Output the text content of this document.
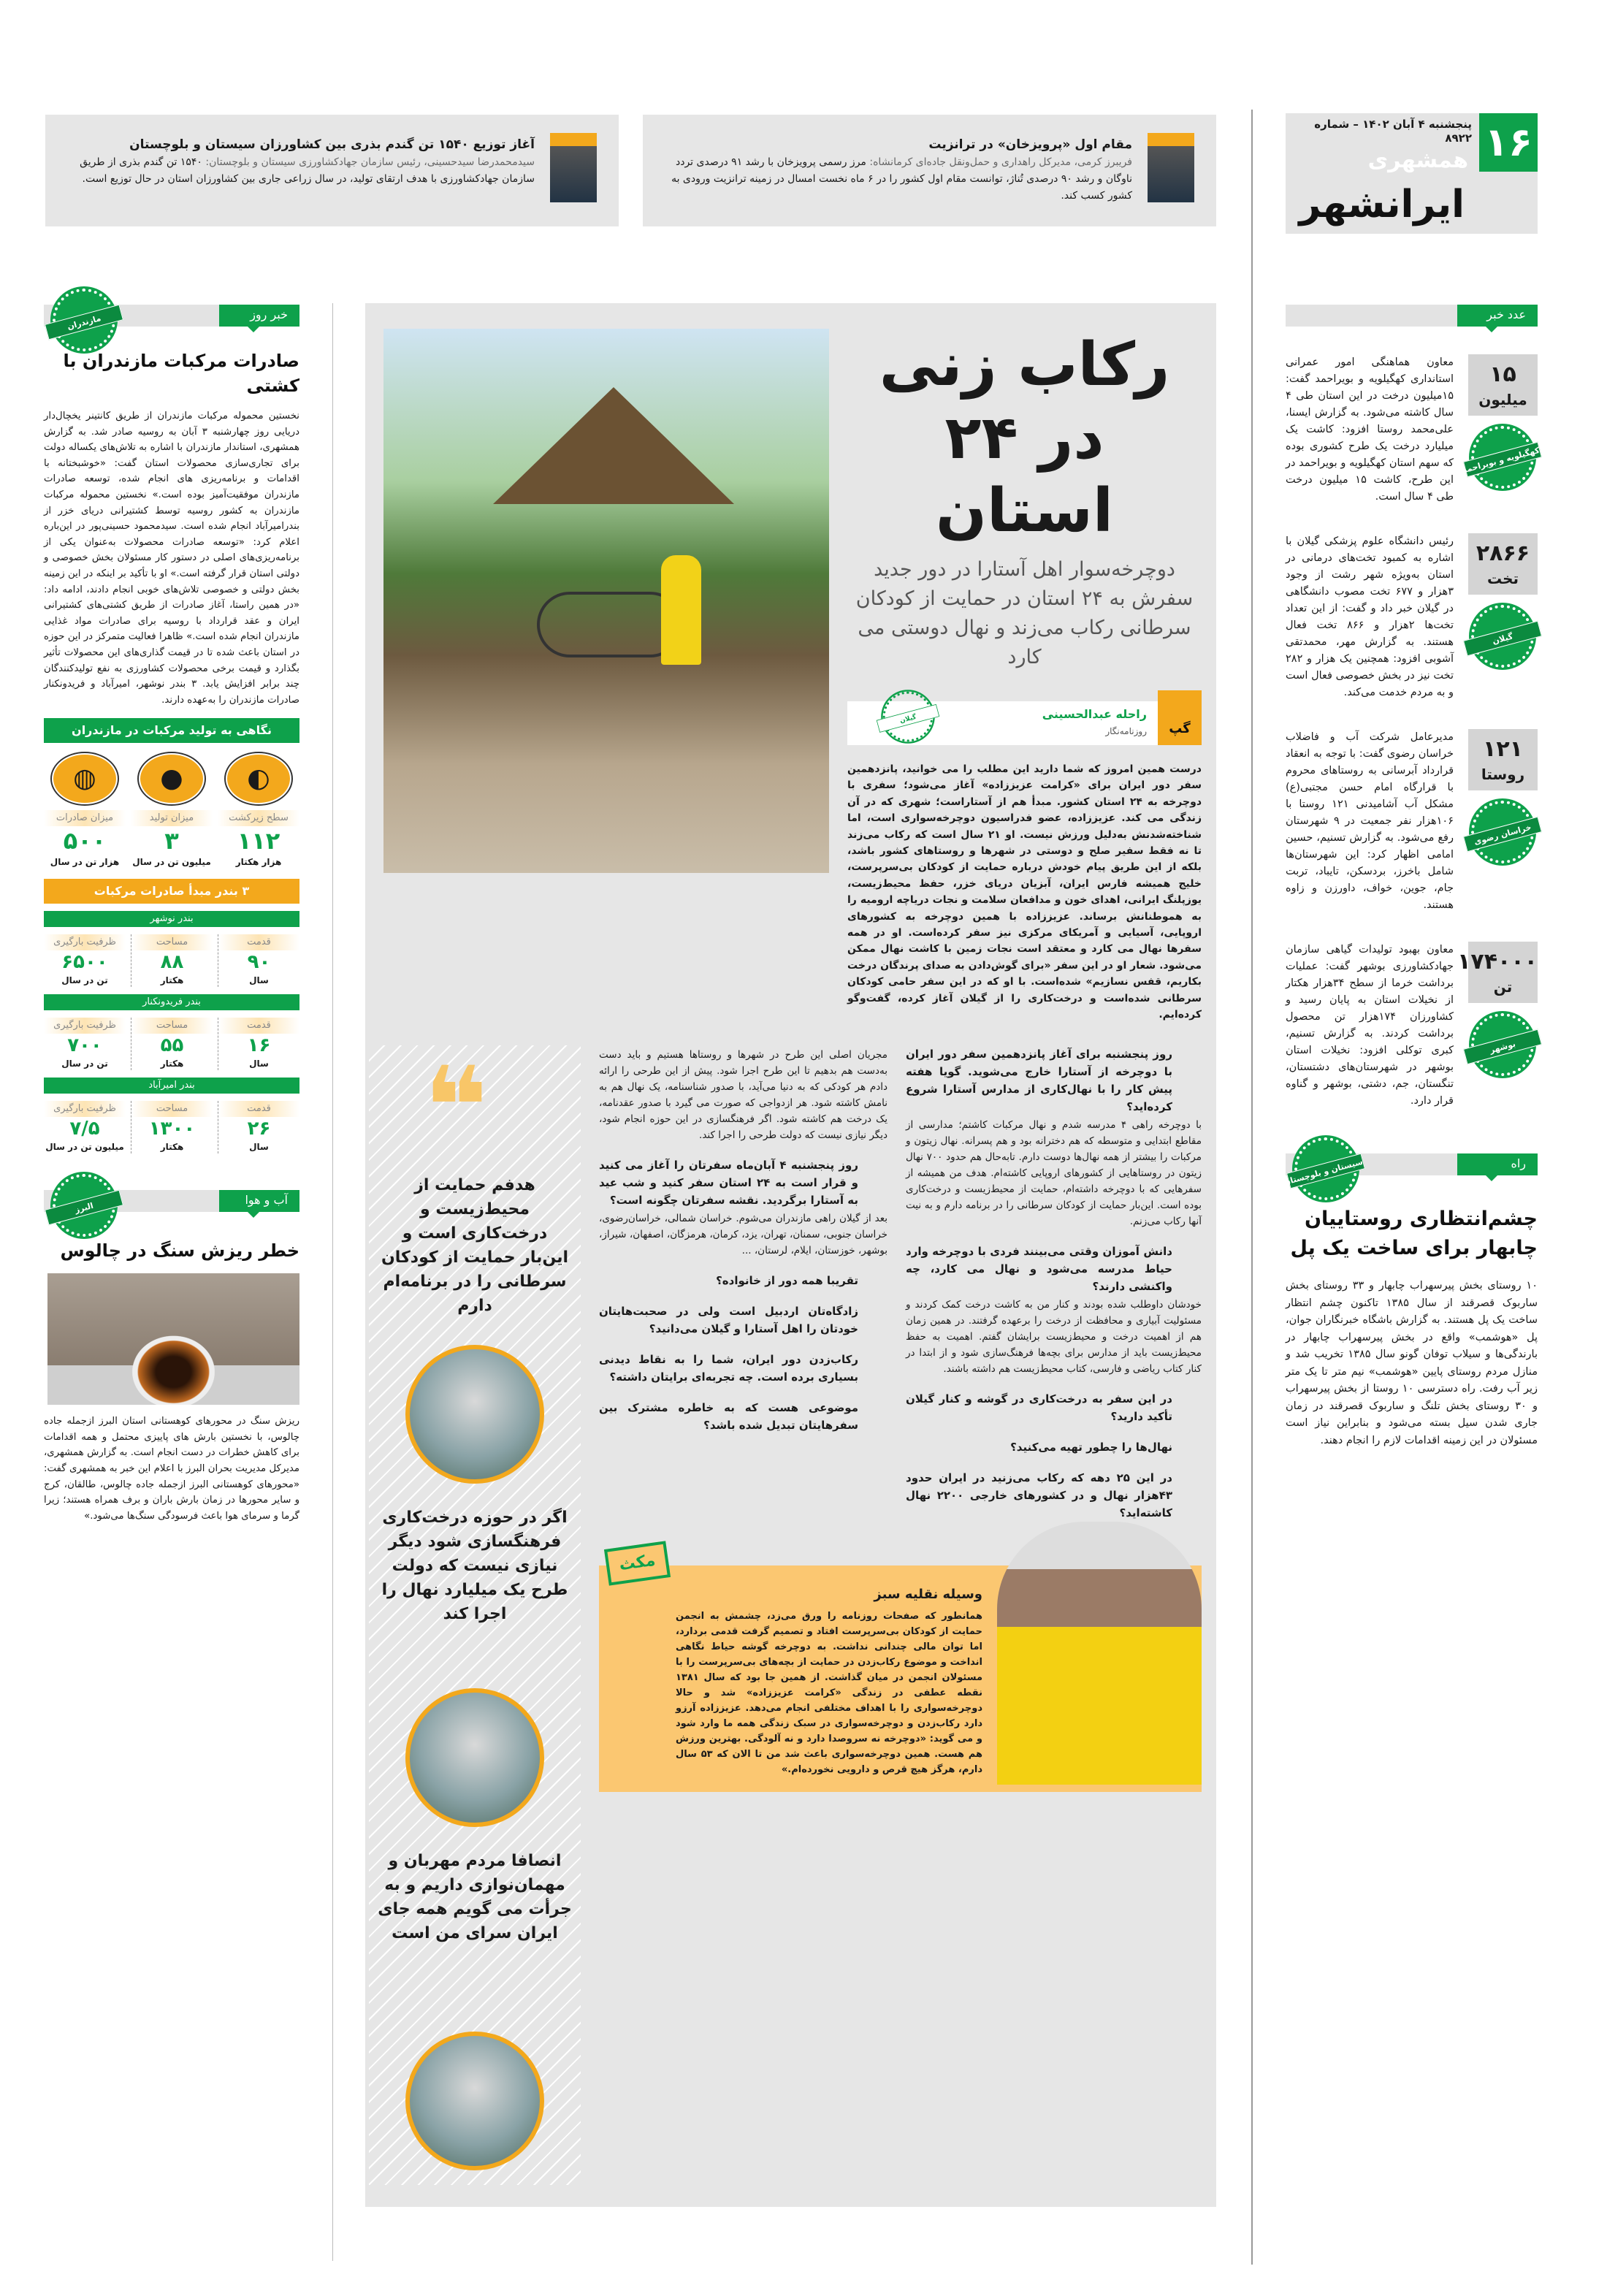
۱۶
پنجشنبه ۴ آبان ۱۴۰۲ – شماره ۸۹۲۲
همشهری
ایرانشهر
مقام اول «پرویزخان» در ترانزیت

فریبرز کرمی، مدیرکل راهداری و حمل‌ونقل جاده‌ای کرمانشاه: مرز رسمی پرویزخان با رشد ۹۱ درصدی تردد ناوگان و رشد ۹۰ درصدی تُناژ، توانست مقام اول کشور را در ۶ ماه نخست امسال در زمینه ترانزیت ورودی به کشور کسب کند.

آغاز توزیع ۱۵۴۰ تن گندم بذری بین کشاورزان سیستان و بلوچستان

سیدمحمدرضا سیدحسینی، رئیس سازمان جهادکشاورزی سیستان و بلوچستان: ۱۵۴۰ تن گندم بذری از طریق سازمان جهادکشاورزی با هدف ارتقای تولید، در سال زراعی جاری بین کشاورزان استان در حال توزیع است.

عدد خبر
۱۵
میلیون
کهگیلویه و بویراحمد

معاون هماهنگی امور عمرانی استانداری کهگیلویه و بویراحمد گفت: ۱۵میلیون درخت در این استان طی ۴ سال کاشته می‌شود. به گزارش ایسنا، علی‌محمد روستا افزود: کاشت یک میلیارد درخت یک طرح کشوری بوده که سهم استان کهگیلویه و بویراحمد در این طرح، کاشت ۱۵ میلیون درخت طی ۴ سال است.

۲۸۶۶
تخت
گیلان

رئیس دانشگاه علوم پزشکی گیلان با اشاره به کمبود تخت‌های درمانی در استان به‌ویژه شهر رشت از وجود ۳هزار و ۶۷۷ تخت مصوب دانشگاهی در گیلان خبر داد و گفت: از این تعداد تخت‌ها ۲هزار و ۸۶۶ تخت فعال هستند. به گزارش مهر، محمدتقی آشوبی افزود: همچنین یک هزار و ۲۸۲ تخت نیز در بخش خصوصی فعال است و به مردم خدمت می‌کند.

۱۲۱
روستا
خراسان رضوی

مدیرعامل شرکت آب و فاضلاب خراسان رضوی گفت: با توجه به انعقاد قرارداد آبرسانی به روستاهای محروم با قرارگاه امام حسن مجتبی(ع) مشکل آب آشامیدنی ۱۲۱ روستا با ۱۰۶هزار نفر جمعیت در ۹ شهرستان رفع می‌شود. به گزارش تسنیم، حسین امامی اظهار کرد: این شهرستان‌ها شامل باخرز، بردسکن، تایباد، تربت جام، جوین، خواف، داورزن و زاوه هستند.

۱۷۴۰۰۰
تن
بوشهر

معاون بهبود تولیدات گیاهی سازمان جهادکشاورزی بوشهر گفت: عملیات برداشت خرما از سطح ۳۴هزار هکتار از نخیلات استان به پایان رسید و کشاورزان ۱۷۴هزار تن محصول برداشت کردند. به گزارش تسنیم، کبری توکلی افزود: نخیلات استان بوشهر در شهرستان‌های دشتستان، تنگستان، جم، دشتی، بوشهر و گناوه قرار دارد.

راه
سیستان و بلوچستان
چشم‌انتظاری روستاییان چابهار برای ساخت یک پل

۱۰ روستای بخش پیرسهراب چابهار و ۳۳ روستای بخش ساربوک قصرقند از سال ۱۳۸۵ تاکنون چشم انتظار ساخت یک پل هستند. به گزارش باشگاه خبرنگاران جوان، پل «هوشمب» واقع در بخش پیرسهراب چابهار در بارندگی‌ها و سیلاب توفان گونو سال ۱۳۸۵ تخریب شد و منازل مردم روستای پایین «هوشمب» نیم متر تا یک متر زیر آب رفت. راه دسترسی ۱۰ روستا از بخش پیرسهراب و ۳۰ روستای بخش تلنگ و ساربوک قصرقند در زمان جاری شدن سیل بسته می‌شود و بنابراین نیاز است مسئولان در این زمینه اقدامات لازم را انجام دهند.

رکاب زنی در ۲۴ استان
دوچرخه‌سوار اهل آستارا در دور جدید سفرش به ۲۴ استان در حمایت از کودکان سرطانی رکاب می‌زند و نهال دوستی می کارد
گپ
راحله عبدالحسینی
روزنامه‌نگار
گیلان
درست همین امروز که شما دارید این مطلب را می خوانید، پانزدهمین سفر دور ایران برای «کرامت عزیززاده» آغاز می‌شود؛ سفری با دوچرخه به ۲۴ استان کشور. مبدأ هم از آستاراست؛ شهری که در آن زندگی می کند. عزیززاده، عضو فدراسیون دوچرخه‌سواری است، اما شناخته‌شدنش به‌دلیل ورزش نیست. او ۲۱ سال است که رکاب می‌زند تا نه فقط سفیر صلح و دوستی در شهرها و روستاهای کشور باشد، بلکه از این طریق پیام خودش درباره حمایت از کودکان بی‌سرپرست، خلیج همیشه فارس ایران، آبزیان دریای خزر، حفظ محیط‌زیست، یوزپلنگ ایرانی، اهدای خون و مدافعان سلامت و نجات دریاچه ارومیه را به هموطنانش برساند. عزیززاده با همین دوچرخه به کشورهای اروپایی، آسیایی و آمریکای مرکزی نیز سفر کرده‌است. او در همه سفرها نهال می کارد و معتقد است نجات زمین با کاشت نهال ممکن می‌شود. شعار او در این سفر «برای گوش‌دادن به صدای پرندگان درخت بکاریم، قفس نسازیم» شده‌است. با او که در این سفر حامی کودکان سرطانی شده‌است و درخت‌کاری را از گیلان آغاز کرده، گفت‌وگو کرده‌ایم.
روز پنجشنبه برای آغاز پانزدهمین سفر دور ایران با دوچرخه از آستارا خارج می‌شوید. گویا هفته پیش کار را با نهال‌کاری از مدارس آستارا شروع کرده‌اید؟

با دوچرخه راهی ۴ مدرسه شدم و نهال مرکبات کاشتم؛ مدارسی از مقاطع ابتدایی و متوسطه که هم دخترانه بود و هم پسرانه. نهال زیتون و مرکبات را بیشتر از همه نهال‌ها دوست دارم. تابه‌حال هم حدود ۷۰۰ نهال زیتون در روستاهایی از کشورهای اروپایی کاشته‌ام. هدف من همیشه از سفرهایی که با دوچرخه داشته‌ام، حمایت از محیط‌زیست و درخت‌کاری بوده است. این‌بار حمایت از کودکان سرطانی را در برنامه دارم و به نیت آنها رکاب می‌زنم.

دانش آموزان وقتی می‌بینند فردی با دوچرخه وارد حیاط مدرسه می‌شود و نهال می کارد، چه واکنشی دارند؟

خودشان داوطلب شده بودند و کنار من به کاشت درخت کمک کردند و مسئولیت آبیاری و محافظت از درخت را برعهده گرفتند. در همین زمان هم از اهمیت درخت و محیط‌زیست برایشان گفتم. اهمیت به حفظ محیط‌زیست باید از مدارس برای بچه‌ها فرهنگ‌سازی شود و از ابتدا در کنار کتاب ریاضی و فارسی، کتاب محیط‌زیست هم داشته باشند.

در این سفر به درخت‌کاری در گوشه و کنار گیلان تأکید دارید؟
نهال‌ها را چطور تهیه می‌کنید؟
در این ۲۵ دهه که رکاب می‌زنید در ایران حدود ۴۳هزار نهال و در کشورهای خارجی ۲۲۰۰ نهال کاشته‌اید؟

مجریان اصلی این طرح در شهرها و روستاها هستیم و باید دست به‌دست هم بدهیم تا این طرح اجرا شود. پیش از این طرحی را ارائه دادم هر کودکی که به دنیا می‌آید، با صدور شناسنامه، یک نهال هم به نامش کاشته شود. هر ازدواجی که صورت می گیرد با صدور عقدنامه، یک درخت هم کاشته شود. اگر فرهنگسازی در این حوزه انجام شود، دیگر نیازی نیست که دولت طرحی را اجرا کند.

روز پنجشنبه ۴ آبان‌ماه سفرتان را آغاز می کنید و قرار است به ۲۴ استان سفر کنید و شب عید به آستارا برگردید. نقشه سفرتان چگونه است؟

بعد از گیلان راهی مازندران می‌شوم. خراسان شمالی، خراسان‌رضوی، خراسان جنوبی، سمنان، تهران، یزد، کرمان، هرمزگان، اصفهان، شیراز، بوشهر، خوزستان، ایلام، لرستان، ...

تقریبا همه دور از خانواده؟
زادگاه‌تان اردبیل است ولی در صحبت‌هایتان خودتان را اهل آستارا و گیلان می‌دانید؟
رکاب‌زدن دور ایران، شما را به نقاط دیدنی بسیاری برده است. چه تجربه‌ای برایتان داشته؟
موضوعی هست که به خاطره مشترک بین سفرهایتان تبدیل شده باشد؟
مکث
وسیله نقلیه سبز

همانطور که صفحات روزنامه را ورق می‌زد، چشمش به انجمن حمایت از کودکان بی‌سرپرست افتاد و تصمیم گرفت قدمی بردارد، اما توان مالی چندانی نداشت. به دوچرخه گوشه حیاط نگاهی انداخت و موضوع رکاب‌زدن در حمایت از بچه‌های بی‌سرپرست را با مسئولان انجمن در میان گذاشت. از همین جا بود که سال ۱۳۸۱ نقطه عطفی در زندگی «کرامت عزیززاده» شد و حالا دوچرخه‌سواری را با اهداف مختلفی انجام می‌دهد. عزیززاده آرزو دارد رکاب‌زدن و دوچرخه‌سواری در سبک زندگی همه ما وارد شود و می گوید: «دوچرخه نه سروصدا دارد و نه آلودگی. بهترین ورزش هم هست. همین دوچرخه‌سواری باعث شد من تا الان که ۵۳ سال دارم، هرگز هیچ قرص و دارویی نخورده‌ام.»

❝
هدفم حمایت از محیط‌زیست و درخت‌کاری است و این‌بار حمایت از کودکان سرطانی را در برنامه‌ام دارم
اگر در حوزه درخت‌کاری فرهنگسازی شود دیگر نیازی نیست که دولت طرح یک میلیارد نهال را اجرا کند
انصافا مردم مهربان و مهمان‌نوازی داریم و به جرأت می گویم همه جای ایران سرای من است
خبر روز
مازندران
صادرات مرکبات مازندران با کشتی

نخستین محموله مرکبات مازندران از طریق کانتینر یخچال‌دار دریایی روز چهارشنبه ۳ آبان به روسیه صادر شد. به گزارش همشهری، استاندار مازندران با اشاره به تلاش‌های یکساله دولت برای تجاری‌سازی محصولات استان گفت: «خوشبختانه با اقدامات و برنامه‌ریزی های انجام شده، توسعه صادرات مازندران موفقیت‌آمیز بوده است.» نخستین محموله مرکبات مازندران به کشور روسیه توسط کشتیرانی دریای خزر از بندرامیرآباد انجام شده است. سیدمحمود حسینی‌پور در این‌باره اعلام کرد: «توسعه صادرات محصولات به‌عنوان یکی از برنامه‌ریزی‌های اصلی در دستور کار مسئولان بخش خصوصی و دولتی استان قرار گرفته است.» او با تأکید بر اینکه در این زمینه بخش دولتی و خصوصی تلاش‌های خوبی انجام دادند، ادامه داد: «در همین راستا، آغاز صادرات از طریق کشتی‌های کشتیرانی ایران و عقد قرارداد با روسیه برای صادرات مواد غذایی مازندران انجام شده است.» ظاهرا فعالیت متمرکز در این حوزه در استان باعث شده تا در قیمت گذاری‌های این محصولات تأثیر بگذارد و قیمت برخی محصولات کشاورزی به نفع تولیدکنندگان چند برابر افزایش یابد. ۳ بندر نوشهر، امیرآباد و فریدونکنار صادرات مازندران را به‌عهده دارند.

نگاهی به تولید مرکبات در مازندران
◐
سطح زیرکشت
۱۱۲
هزار هکتار
●
میزان تولید
۳
میلیون تن در سال
◍
میزان صادرات
۵۰۰
هزار تن در سال
۳ بندر مبدأ صادرات مرکبات
بندر نوشهر
قدمت
۹۰
سال
مساحت
۸۸
هکتار
ظرفیت بارگیری
۶۵۰۰
تن در سال
بندر فریدونکنار
قدمت
۱۶
سال
مساحت
۵۵
هکتار
ظرفیت بارگیری
۷۰۰
تن در سال
بندر امیرآباد
قدمت
۲۶
سال
مساحت
۱۳۰۰
هکتار
ظرفیت بارگیری
۷/۵
میلیون تن در سال
آب و هوا
البرز
خطر ریزش سنگ در چالوس

ریزش سنگ در محورهای کوهستانی استان البرز ازجمله جاده چالوس، با نخستین بارش های پاییزی محتمل و همه اقدامات برای کاهش خطرات در دست انجام است. به گزارش همشهری، مدیرکل مدیریت بحران البرز با اعلام این خبر به همشهری گفت: «محورهای کوهستانی البرز ازجمله جاده چالوس، طالقان، کرج و سایر محورها در زمان بارش باران و برف همراه هستند؛ زیرا گرما و سرمای هوا باعث فرسودگی سنگ‌ها می‌شود.»
